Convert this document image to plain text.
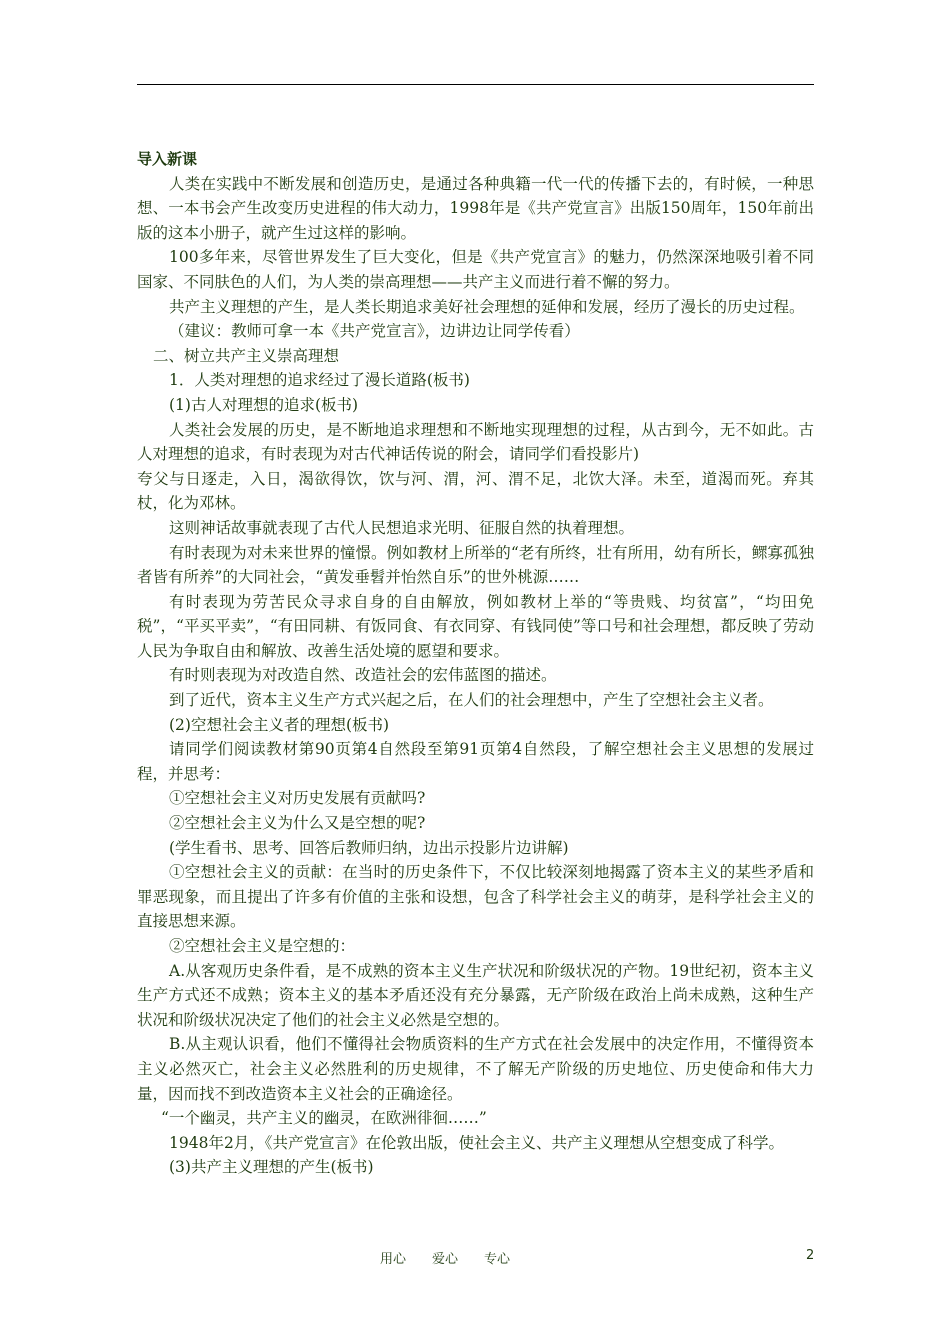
导入新课

人类在实践中不断发展和创造历史，是通过各种典籍一代一代的传播下去的，有时候，一种思想、一本书会产生改变历史进程的伟大动力，1998年是《共产党宣言》出版150周年，150年前出版的这本小册子，就产生过这样的影响。

100多年来，尽管世界发生了巨大变化，但是《共产党宣言》的魅力，仍然深深地吸引着不同国家、不同肤色的人们，为人类的崇高理想——共产主义而进行着不懈的努力。

共产主义理想的产生，是人类长期追求美好社会理想的延伸和发展，经历了漫长的历史过程。

（建议：教师可拿一本《共产党宣言》，边讲边让同学传看）

二、树立共产主义崇高理想

1．人类对理想的追求经过了漫长道路(板书)

(1)古人对理想的追求(板书)

人类社会发展的历史，是不断地追求理想和不断地实现理想的过程，从古到今，无不如此。古人对理想的追求，有时表现为对古代神话传说的附会，请同学们看投影片)

夸父与日逐走，入日，渴欲得饮，饮与河、渭，河、渭不足，北饮大泽。未至，道渴而死。弃其杖，化为邓林。

这则神话故事就表现了古代人民想追求光明、征服自然的执着理想。

有时表现为对未来世界的憧憬。例如教材上所举的“老有所终，壮有所用，幼有所长，鳏寡孤独者皆有所养”的大同社会，“黄发垂髫并怡然自乐”的世外桃源……

有时表现为劳苦民众寻求自身的自由解放，例如教材上举的“等贵贱、均贫富”，“均田免税”，“平买平卖”，“有田同耕、有饭同食、有衣同穿、有钱同使”等口号和社会理想，都反映了劳动人民为争取自由和解放、改善生活处境的愿望和要求。

有时则表现为对改造自然、改造社会的宏伟蓝图的描述。

到了近代，资本主义生产方式兴起之后，在人们的社会理想中，产生了空想社会主义者。

(2)空想社会主义者的理想(板书)

请同学们阅读教材第90页第4自然段至第91页第4自然段，了解空想社会主义思想的发展过程，并思考：

①空想社会主义对历史发展有贡献吗?

②空想社会主义为什么又是空想的呢?

(学生看书、思考、回答后教师归纳，边出示投影片边讲解)

①空想社会主义的贡献：在当时的历史条件下，不仅比较深刻地揭露了资本主义的某些矛盾和罪恶现象，而且提出了许多有价值的主张和设想，包含了科学社会主义的萌芽，是科学社会主义的直接思想来源。

②空想社会主义是空想的：

A.从客观历史条件看，是不成熟的资本主义生产状况和阶级状况的产物。19世纪初，资本主义生产方式还不成熟；资本主义的基本矛盾还没有充分暴露，无产阶级在政治上尚未成熟，这种生产状况和阶级状况决定了他们的社会主义必然是空想的。

B.从主观认识看，他们不懂得社会物质资料的生产方式在社会发展中的决定作用，不懂得资本主义必然灭亡，社会主义必然胜利的历史规律，不了解无产阶级的历史地位、历史使命和伟大力量，因而找不到改造资本主义社会的正确途径。

“一个幽灵，共产主义的幽灵，在欧洲徘徊……”

1948年2月，《共产党宣言》在伦敦出版，使社会主义、共产主义理想从空想变成了科学。

(3)共产主义理想的产生(板书)

用心　　爱心　　专心	2
